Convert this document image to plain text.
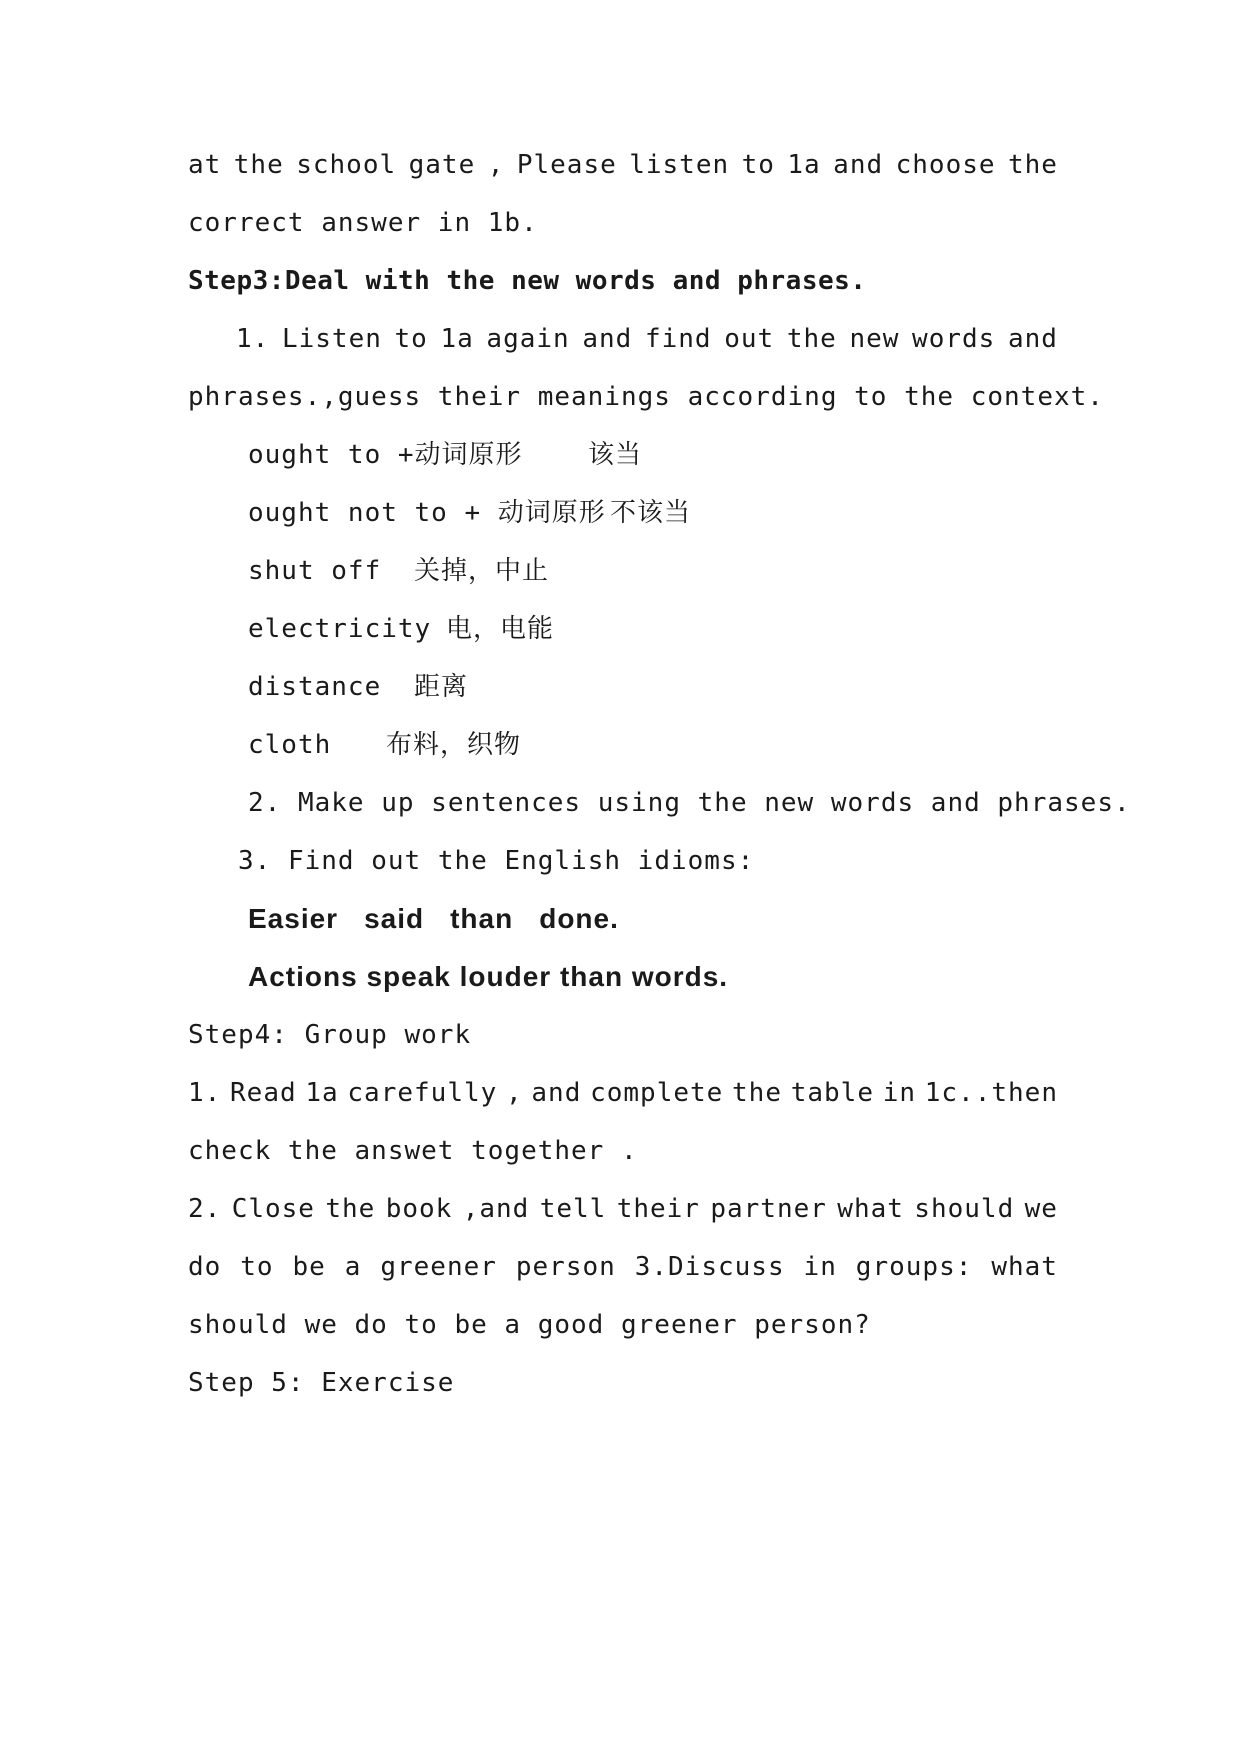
at the school gate , Please listen to 1a and choose the
correct answer in 1b.
Step3:Deal with the new words and phrases.
1. Listen to 1a again and find out the new words and
phrases.,guess their meanings according to the context.
ought to +动词原形	该当
ought not to + 动词原形 不该当
shut off 关掉，中止
electricity 电，电能
distance 距离
cloth 布料，织物
2. Make up sentences using the new words and phrases.
3. Find out the English idioms:
Easier said than done.
Actions speak louder than words.
Step4: Group work
1. Read 1a carefully , and complete the table in 1c..then
check the answet together .
2. Close the book ,and tell their partner what should we
do to be a greener person 3.Discuss in groups: what
should we do to be a good greener person?
Step 5: Exercise
